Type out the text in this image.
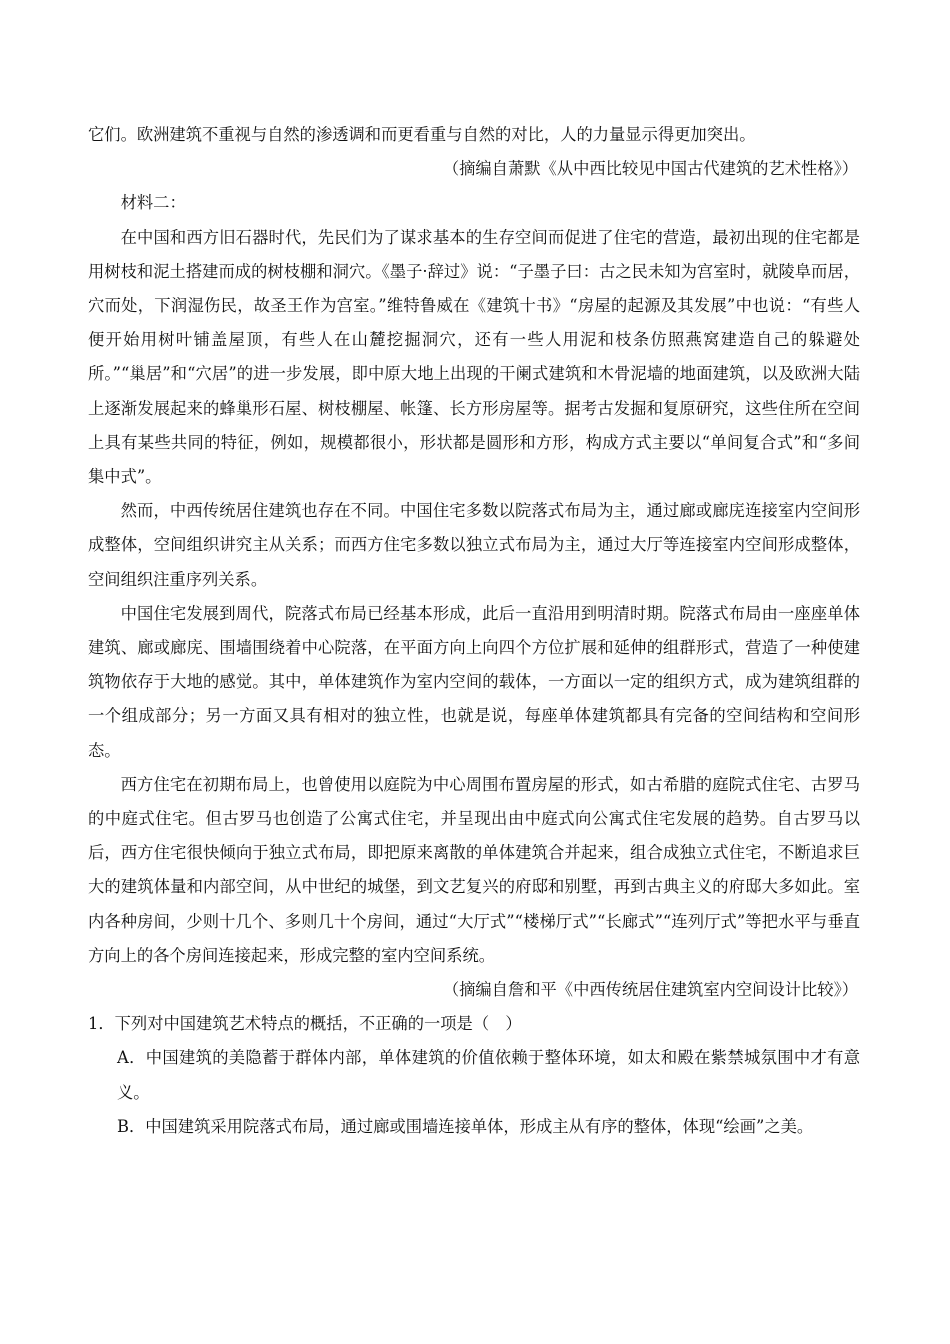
它们。欧洲建筑不重视与自然的渗透调和而更看重与自然的对比，人的力量显示得更加突出。

（摘编自萧默《从中西比较见中国古代建筑的艺术性格》）

材料二：

在中国和西方旧石器时代，先民们为了谋求基本的生存空间而促进了住宅的营造，最初出现的住宅都是用树枝和泥土搭建而成的树枝棚和洞穴。《墨子·辞过》说：“子墨子曰：古之民未知为宫室时，就陵阜而居，穴而处，下润湿伤民，故圣王作为宫室。”维特鲁威在《建筑十书》“房屋的起源及其发展”中也说：“有些人便开始用树叶铺盖屋顶，有些人在山麓挖掘洞穴，还有一些人用泥和枝条仿照燕窝建造自己的躲避处所。”“巢居”和“穴居”的进一步发展，即中原大地上出现的干阑式建筑和木骨泥墙的地面建筑，以及欧洲大陆上逐渐发展起来的蜂巢形石屋、树枝棚屋、帐篷、长方形房屋等。据考古发掘和复原研究，这些住所在空间上具有某些共同的特征，例如，规模都很小，形状都是圆形和方形，构成方式主要以“单间复合式”和“多间集中式”。

然而，中西传统居住建筑也存在不同。中国住宅多数以院落式布局为主，通过廊或廊庑连接室内空间形成整体，空间组织讲究主从关系；而西方住宅多数以独立式布局为主，通过大厅等连接室内空间形成整体，空间组织注重序列关系。

中国住宅发展到周代，院落式布局已经基本形成，此后一直沿用到明清时期。院落式布局由一座座单体建筑、廊或廊庑、围墙围绕着中心院落，在平面方向上向四个方位扩展和延伸的组群形式，营造了一种使建筑物依存于大地的感觉。其中，单体建筑作为室内空间的载体，一方面以一定的组织方式，成为建筑组群的一个组成部分；另一方面又具有相对的独立性，也就是说，每座单体建筑都具有完备的空间结构和空间形态。

西方住宅在初期布局上，也曾使用以庭院为中心周围布置房屋的形式，如古希腊的庭院式住宅、古罗马的中庭式住宅。但古罗马也创造了公寓式住宅，并呈现出由中庭式向公寓式住宅发展的趋势。自古罗马以后，西方住宅很快倾向于独立式布局，即把原来离散的单体建筑合并起来，组合成独立式住宅，不断追求巨大的建筑体量和内部空间，从中世纪的城堡，到文艺复兴的府邸和别墅，再到古典主义的府邸大多如此。室内各种房间，少则十几个、多则几十个房间，通过“大厅式”“楼梯厅式”“长廊式”“连列厅式”等把水平与垂直方向上的各个房间连接起来，形成完整的室内空间系统。

（摘编自詹和平《中西传统居住建筑室内空间设计比较》）

1．下列对中国建筑艺术特点的概括，不正确的一项是（　）

A．中国建筑的美隐蓄于群体内部，单体建筑的价值依赖于整体环境，如太和殿在紫禁城氛围中才有意义。

B．中国建筑采用院落式布局，通过廊或围墙连接单体，形成主从有序的整体，体现“绘画”之美。
